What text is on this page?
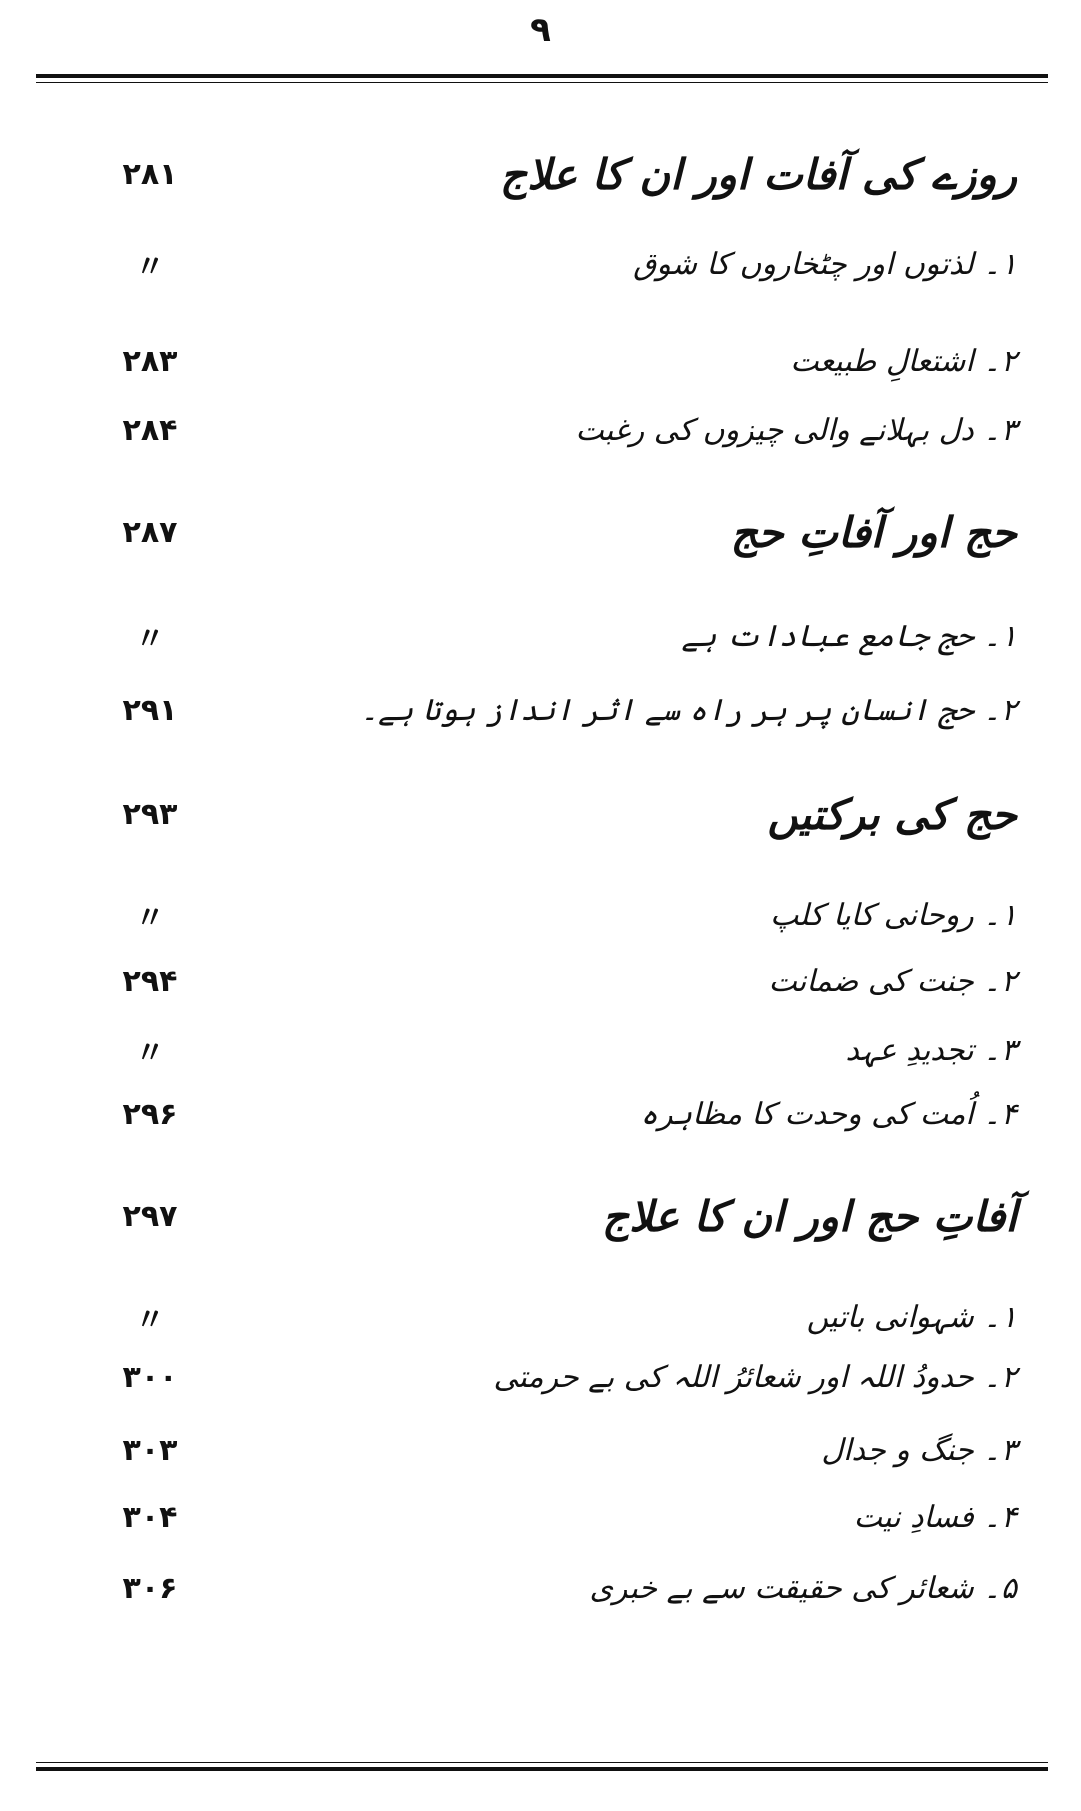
۹
۲۸۱	روزے کی آفات اور ان کا علاج
〃	۱۔ لذتوں اور چٹخاروں کا شوق
۲۸۳	۲۔ اشتعالِ طبیعت
۲۸۴	۳۔ دل بہلانے والی چیزوں کی رغبت
۲۸۷	حج اور آفاتِ حج
〃	۱۔ حج جامع عبادات ہے
۲۹۱	۲۔ حج انسان پر ہر راہ سے اثر انداز ہوتا ہے۔
۲۹۳	حج کی برکتیں
〃	۱۔ روحانی کایا کلپ
۲۹۴	۲۔ جنت کی ضمانت
〃	۳۔ تجدیدِ عہد
۲۹۶	۴۔ اُمت کی وحدت کا مظاہرہ
۲۹۷	آفاتِ حج اور ان کا علاج
〃	۱۔ شہوانی باتیں
۳۰۰	۲۔ حدودُ اللہ اور شعائرُ اللہ کی بے حرمتی
۳۰۳	۳۔ جنگ و جدال
۳۰۴	۴۔ فسادِ نیت
۳۰۶	۵۔ شعائر کی حقیقت سے بے خبری
